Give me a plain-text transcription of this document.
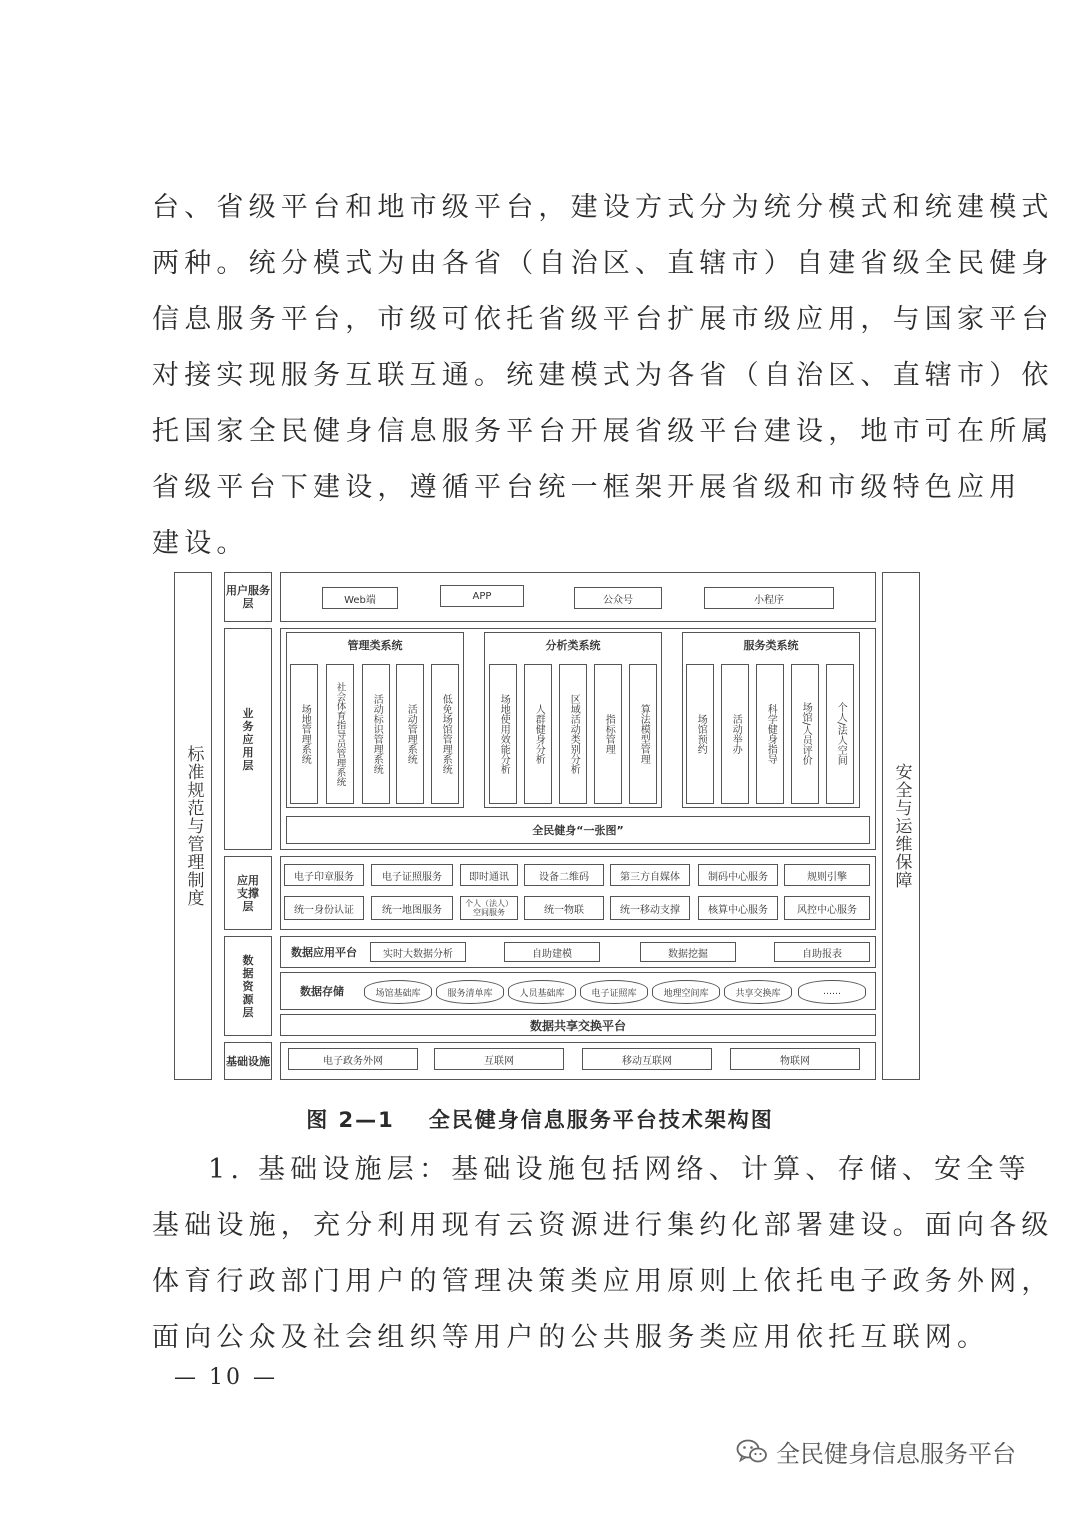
台、省级平台和地市级平台，建设方式分为统分模式和统建模式
两种。统分模式为由各省（自治区、直辖市）自建省级全民健身
信息服务平台，市级可依托省级平台扩展市级应用，与国家平台
对接实现服务互联互通。统建模式为各省（自治区、直辖市）依
托国家全民健身信息服务平台开展省级平台建设，地市可在所属
省级平台下建设，遵循平台统一框架开展省级和市级特色应用
建设。
标准规范与管理制度	安全与运维保障
用户服务层
业务应用层
应用支撑层
数据资源层
基础设施
Web端	APP	公众号	小程序
管理类系统
场地管理系统	社会体育指导员管理系统	活动标识管理系统	活动管理系统	低免场馆管理系统
分析类系统
场地使用效能分析	人群健身分析	区域活动类别分析	指标管理	算法模型管理
服务类系统
场馆预约	活动举办	科学健身指导	场馆/人员评价	个人/法人空间
全民健身“一张图”
电子印章服务	电子证照服务	即时通讯	设备二维码	第三方自媒体	制码中心服务	规则引擎
统一身份认证	统一地图服务
个人（法人）空间服务	统一物联	统一移动支撑	核算中心服务	风控中心服务
数据应用平台	实时大数据分析	自助建模	数据挖掘	自助报表
数据存储	场馆基础库	服务清单库	人员基础库	电子证照库	地理空间库	共享交换库	……
数据共享交换平台
电子政务外网	互联网	移动互联网	物联网
图 2—1 全民健身信息服务平台技术架构图
1. 基础设施层：基础设施包括网络、计算、存储、安全等
基础设施，充分利用现有云资源进行集约化部署建设。面向各级
体育行政部门用户的管理决策类应用原则上依托电子政务外网，
面向公众及社会组织等用户的公共服务类应用依托互联网。
— 10 —
全民健身信息服务平台
